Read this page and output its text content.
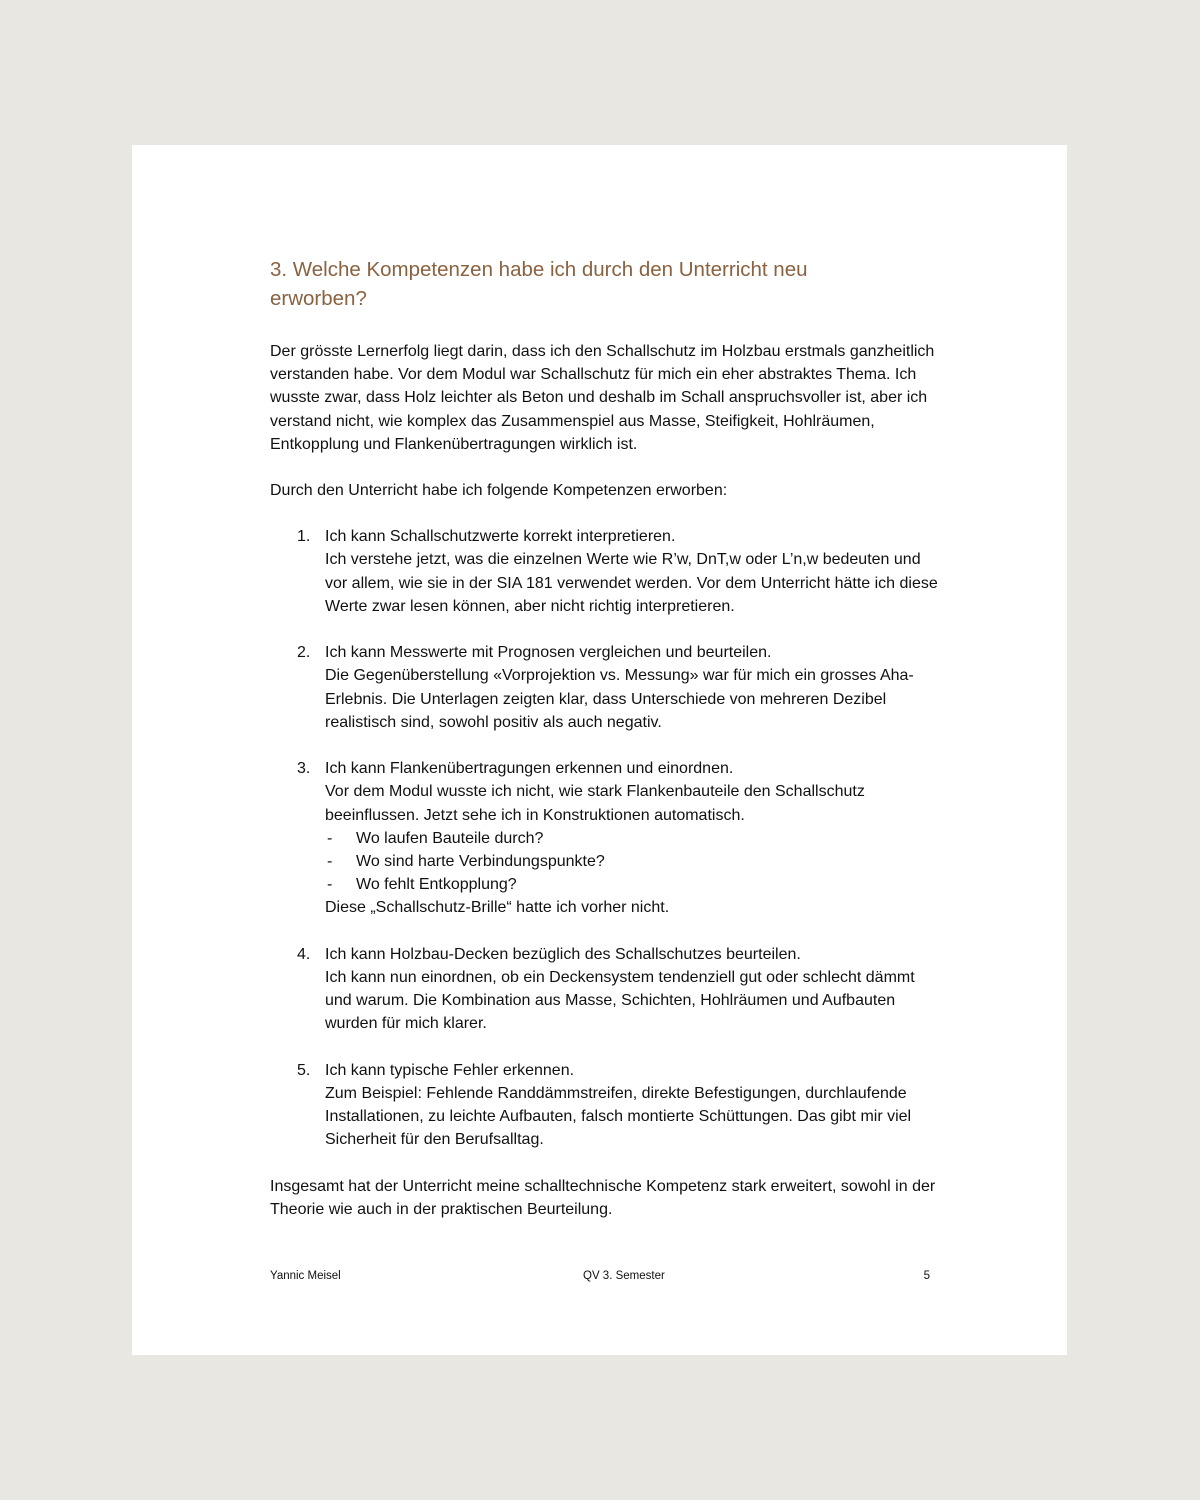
3. Welche Kompetenzen habe ich durch den Unterricht neu erworben?

Der grösste Lernerfolg liegt darin, dass ich den Schallschutz im Holzbau erstmals ganzheitlich verstanden habe. Vor dem Modul war Schallschutz für mich ein eher abstraktes Thema. Ich wusste zwar, dass Holz leichter als Beton und deshalb im Schall anspruchsvoller ist, aber ich verstand nicht, wie komplex das Zusammenspiel aus Masse, Steifigkeit, Hohlräumen, Entkopplung und Flankenübertragungen wirklich ist.

Durch den Unterricht habe ich folgende Kompetenzen erworben:

1. Ich kann Schallschutzwerte korrekt interpretieren.
Ich verstehe jetzt, was die einzelnen Werte wie R’w, DnT,w oder L’n,w bedeuten und vor allem, wie sie in der SIA 181 verwendet werden. Vor dem Unterricht hätte ich diese Werte zwar lesen können, aber nicht richtig interpretieren.
2. Ich kann Messwerte mit Prognosen vergleichen und beurteilen.
Die Gegenüberstellung «Vorprojektion vs. Messung» war für mich ein grosses Aha-Erlebnis. Die Unterlagen zeigten klar, dass Unterschiede von mehreren Dezibel realistisch sind, sowohl positiv als auch negativ.
3. Ich kann Flankenübertragungen erkennen und einordnen.
Vor dem Modul wusste ich nicht, wie stark Flankenbauteile den Schallschutz beeinflussen. Jetzt sehe ich in Konstruktionen automatisch.
- Wo laufen Bauteile durch?
- Wo sind harte Verbindungspunkte?
- Wo fehlt Entkopplung?
Diese „Schallschutz-Brille“ hatte ich vorher nicht.
4. Ich kann Holzbau-Decken bezüglich des Schallschutzes beurteilen.
Ich kann nun einordnen, ob ein Deckensystem tendenziell gut oder schlecht dämmt und warum. Die Kombination aus Masse, Schichten, Hohlräumen und Aufbauten wurden für mich klarer.
5. Ich kann typische Fehler erkennen.
Zum Beispiel: Fehlende Randdämmstreifen, direkte Befestigungen, durchlaufende Installationen, zu leichte Aufbauten, falsch montierte Schüttungen. Das gibt mir viel Sicherheit für den Berufsalltag.

Insgesamt hat der Unterricht meine schalltechnische Kompetenz stark erweitert, sowohl in der Theorie wie auch in der praktischen Beurteilung.

Yannic Meisel	QV 3. Semester	5
